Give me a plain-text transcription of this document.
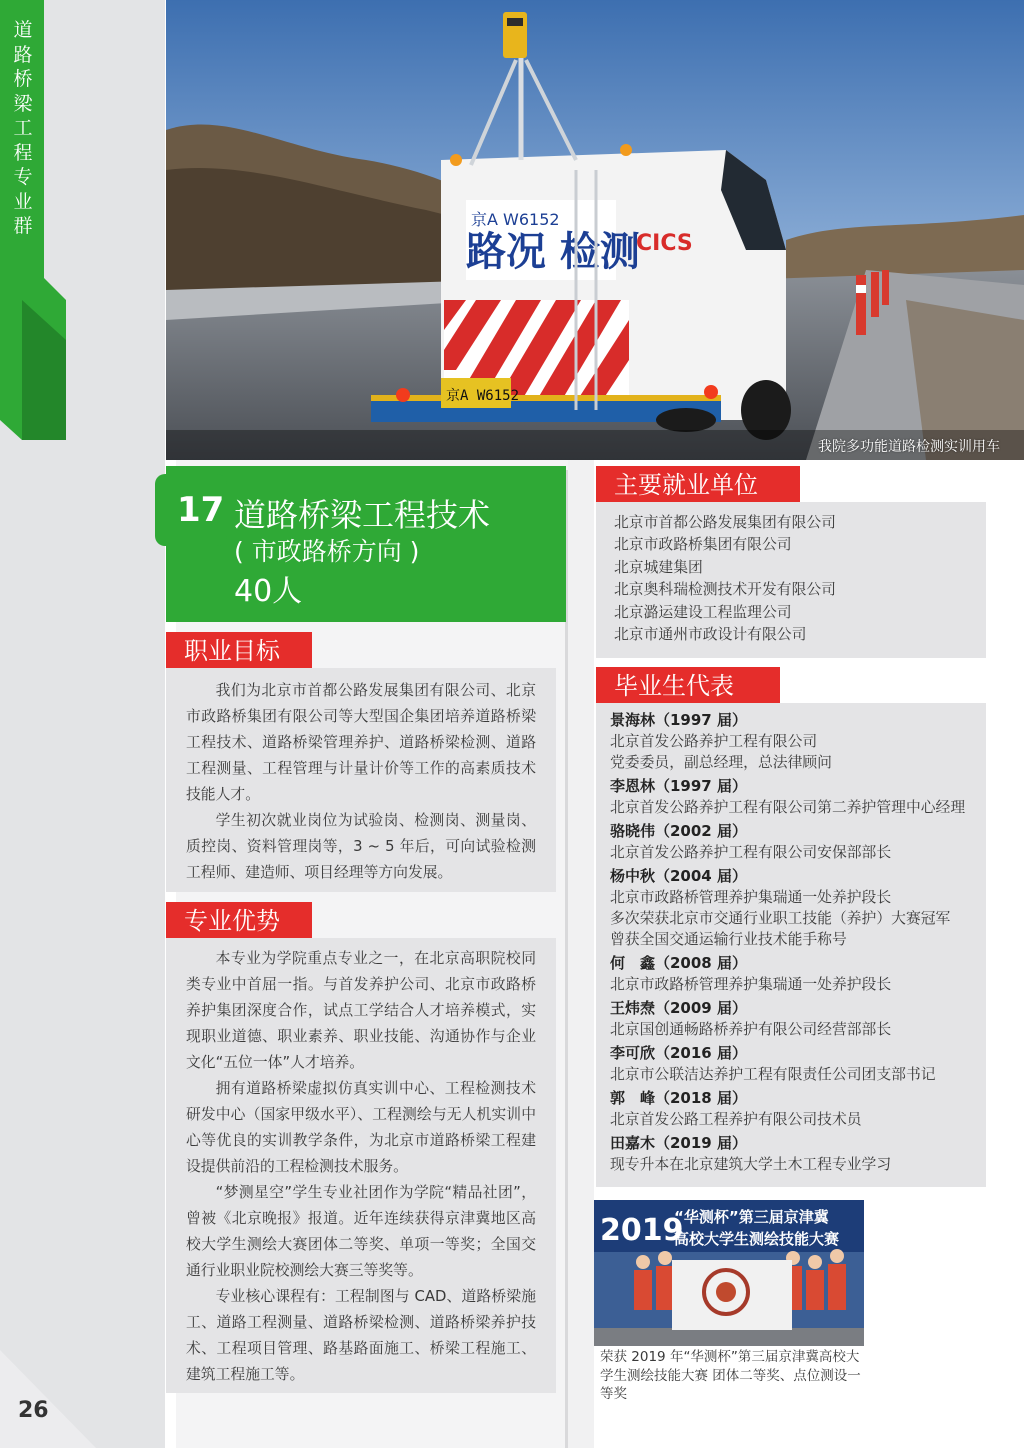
道路桥梁工程专业群
26
路况 检测
京A W6152
CICS
京A W6152
我院多功能道路检测实训用车
17 道路桥梁工程技术
( 市政路桥方向 )
40人
职业目标

我们为北京市首都公路发展集团有限公司、北京市政路桥集团有限公司等大型国企集团培养道路桥梁工程技术、道路桥梁管理养护、道路桥梁检测、道路工程测量、工程管理与计量计价等工作的高素质技术技能人才。

学生初次就业岗位为试验岗、检测岗、测量岗、质控岗、资料管理岗等，3 ~ 5 年后，可向试验检测工程师、建造师、项目经理等方向发展。

专业优势

本专业为学院重点专业之一，在北京高职院校同类专业中首屈一指。与首发养护公司、北京市政路桥养护集团深度合作，试点工学结合人才培养模式，实现职业道德、职业素养、职业技能、沟通协作与企业文化“五位一体”人才培养。

拥有道路桥梁虚拟仿真实训中心、工程检测技术研发中心（国家甲级水平）、工程测绘与无人机实训中心等优良的实训教学条件，为北京市道路桥梁工程建设提供前沿的工程检测技术服务。

“梦测星空”学生专业社团作为学院“精品社团”，曾被《北京晚报》报道。近年连续获得京津冀地区高校大学生测绘大赛团体二等奖、单项一等奖；全国交通行业职业院校测绘大赛三等奖等。

专业核心课程有：工程制图与 CAD、道路桥梁施工、道路工程测量、道路桥梁检测、道路桥梁养护技术、工程项目管理、路基路面施工、桥梁工程施工、建筑工程施工等。

主要就业单位

北京市首都公路发展集团有限公司

北京市政路桥集团有限公司

北京城建集团

北京奥科瑞检测技术开发有限公司

北京潞运建设工程监理公司

北京市通州市政设计有限公司

毕业生代表

景海林（1997 届）

北京首发公路养护工程有限公司

党委委员，副总经理，总法律顾问

李恩林（1997 届）

北京首发公路养护工程有限公司第二养护管理中心经理

骆晓伟（2002 届）

北京首发公路养护工程有限公司安保部部长

杨中秋（2004 届）

北京市政路桥管理养护集瑞通一处养护段长

多次荣获北京市交通行业职工技能（养护）大赛冠军

曾获全国交通运输行业技术能手称号

何　鑫（2008 届）

北京市政路桥管理养护集瑞通一处养护段长

王炜焘（2009 届）

北京国创通畅路桥养护有限公司经营部部长

李可欣（2016 届）

北京市公联洁达养护工程有限责任公司团支部书记

郭　峰（2018 届）

北京首发公路工程养护有限公司技术员

田嘉木（2019 届）

现专升本在北京建筑大学土木工程专业学习

2019
“华测杯”第三届京津冀
高校大学生测绘技能大赛
荣获 2019 年“华测杯”第三届京津冀高校大学生测绘技能大赛 团体二等奖、点位测设一等奖
